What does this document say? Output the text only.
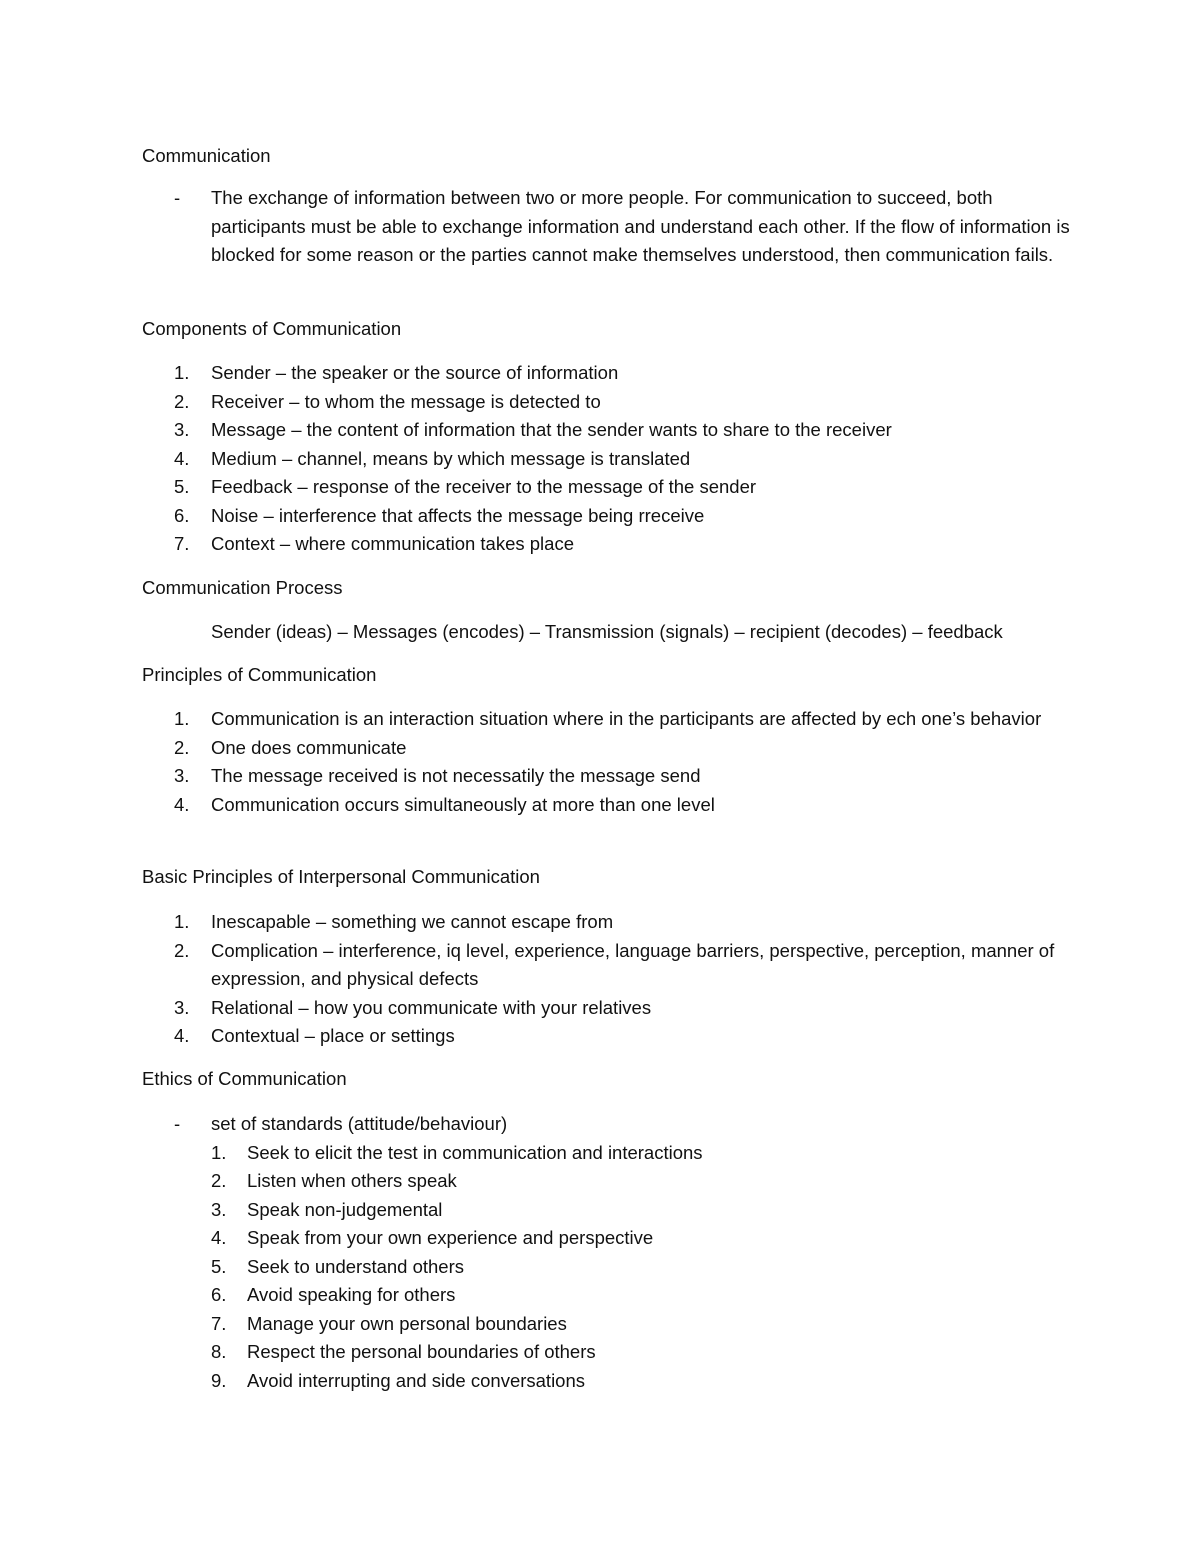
Communication
- The exchange of information between two or more people. For communication to succeed, both participants must be able to exchange information and understand each other. If the flow of information is blocked for some reason or the parties cannot make themselves understood, then communication fails.

Components of Communication
1. Sender – the speaker or the source of information
2. Receiver – to whom the message is detected to
3. Message – the content of information that the sender wants to share to the receiver
4. Medium – channel, means by which message is translated
5. Feedback – response of the receiver to the message of the sender
6. Noise – interference that affects the message being rreceive
7. Context – where communication takes place
Communication Process
Sender (ideas) – Messages (encodes) – Transmission (signals) – recipient (decodes) – feedback
Principles of Communication
1. Communication is an interaction situation where in the participants are affected by ech one’s behavior
2. One does communicate
3. The message received is not necessatily the message send
4. Communication occurs simultaneously at more than one level
Basic Principles of Interpersonal Communication
1. Inescapable – something we cannot escape from
2. Complication – interference, iq level, experience, language barriers, perspective, perception, manner of expression, and physical defects
3. Relational – how you communicate with your relatives
4. Contextual – place or settings
Ethics of Communication
- set of standards (attitude/behaviour)
1. Seek to elicit the test in communication and interactions
2. Listen when others speak
3. Speak non-judgemental
4. Speak from your own experience and perspective
5. Seek to understand others
6. Avoid speaking for others
7. Manage your own personal boundaries
8. Respect the personal boundaries of others
9. Avoid interrupting and side conversations
